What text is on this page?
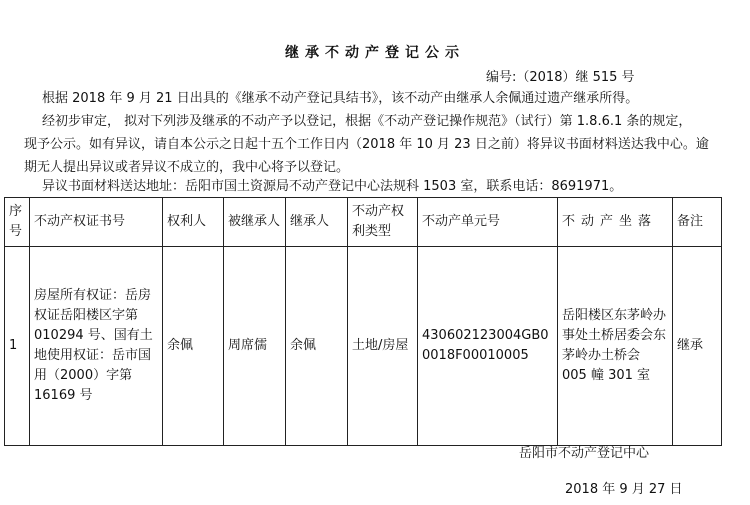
继承不动产登记公示
编号:（2018）继 515 号
根据 2018 年 9 月 21 日出具的《继承不动产登记具结书》，该不动产由继承人余佩通过遗产继承所得。
经初步审定， 拟对下列涉及继承的不动产予以登记，根据《不动产登记操作规范》（试行）第 1.8.6.1 条的规定，
现予公示。如有异议，请自本公示之日起十五个工作日内（2018 年 10 月 23 日之前）将异议书面材料送达我中心。逾
期无人提出异议或者异议不成立的，我中心将予以登记。
异议书面材料送达地址：岳阳市国土资源局不动产登记中心法规科 1503 室，联系电话：8691971。
序号	不动产权证书号	权利人	被继承人	继承人	不动产权利类型	不动产单元号	不动产坐落	备注
1	房屋所有权证：岳房权证岳阳楼区字第 010294 号、国有土地使用权证：岳市国用（2000）字第 16169 号	余佩	周席儒	余佩	土地/房屋	430602123004GB00018F00010005	岳阳楼区东茅岭办事处土桥居委会东茅岭办土桥会 005 幢 301 室	继承
岳阳市不动产登记中心
2018 年 9 月 27 日
